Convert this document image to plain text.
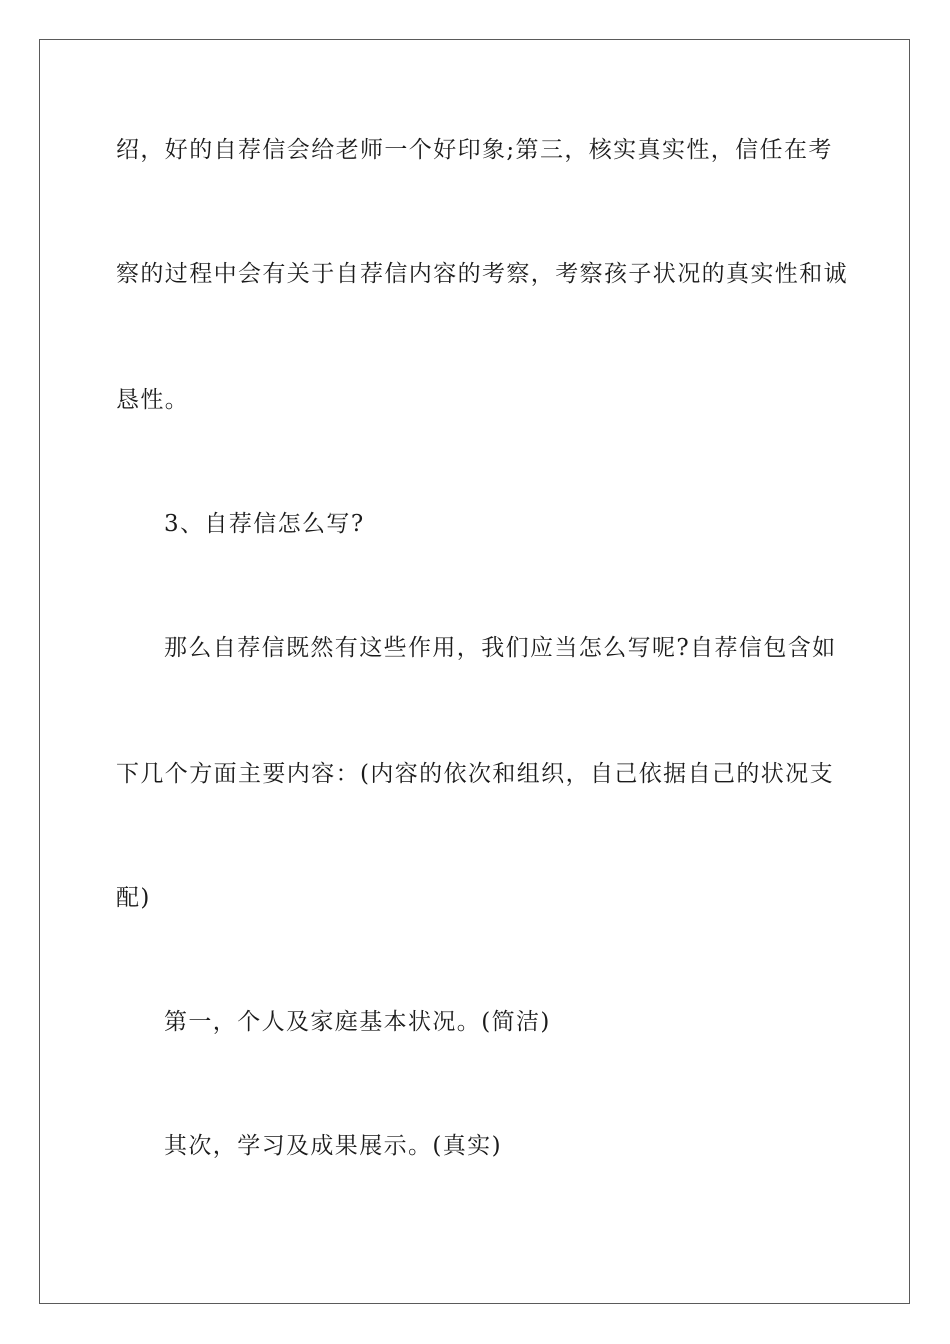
绍，好的自荐信会给老师一个好印象;第三，核实真实性，信任在考
察的过程中会有关于自荐信内容的考察，考察孩子状况的真实性和诚
恳性。
3、自荐信怎么写?
那么自荐信既然有这些作用，我们应当怎么写呢?自荐信包含如
下几个方面主要内容：(内容的依次和组织，自己依据自己的状况支
配)
第一，个人及家庭基本状况。(简洁)
其次，学习及成果展示。(真实)
